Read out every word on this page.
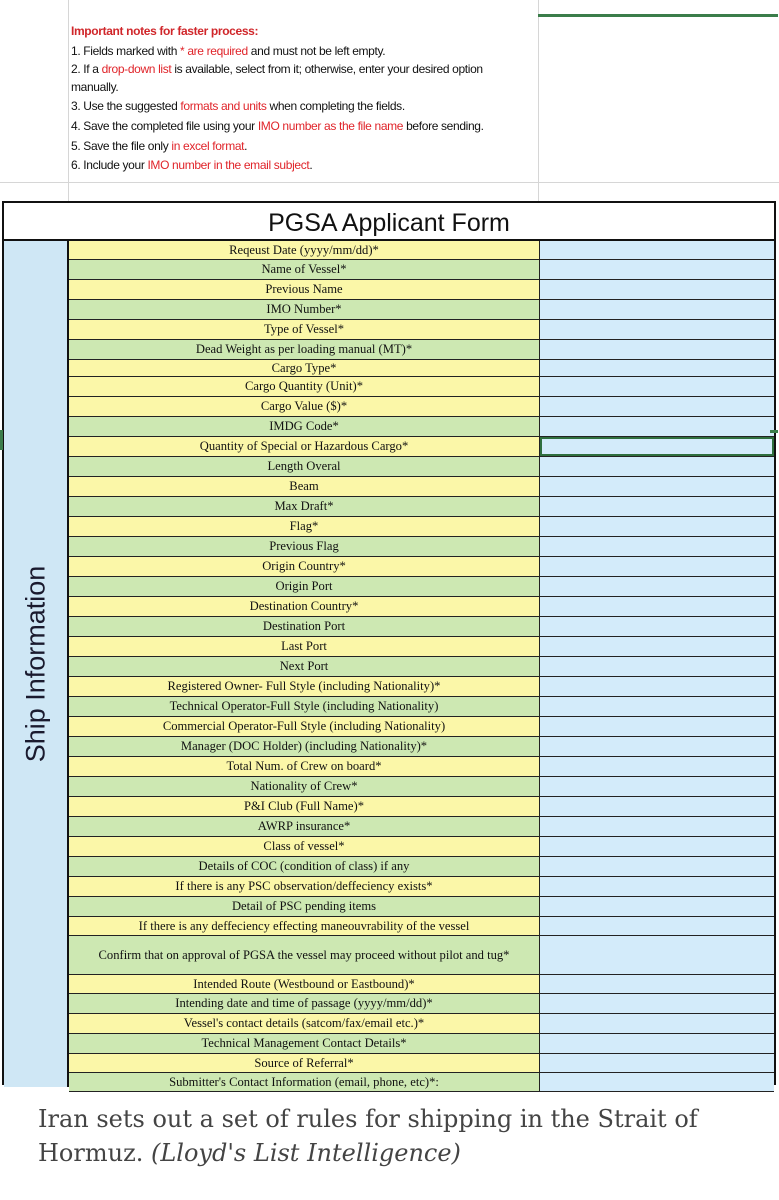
Important notes for faster process:
1. Fields marked with * are required and must not be left empty.
2. If a drop-down list is available, select from it; otherwise, enter your desired option manually.
3. Use the suggested formats and units when completing the fields.
4. Save the completed file using your IMO number as the file name before sending.
5. Save the file only in excel format.
6. Include your IMO number in the email subject.
PGSA Applicant Form
Ship Information
Reqeust Date (yyyy/mm/dd)*
Name of Vessel*
Previous Name
IMO Number*
Type of Vessel*
Dead Weight as per loading manual (MT)*
Cargo Type*
Cargo Quantity (Unit)*
Cargo Value ($)*
IMDG Code*
Quantity of Special or Hazardous Cargo*
Length Overal
Beam
Max Draft*
Flag*
Previous Flag
Origin Country*
Origin Port
Destination Country*
Destination Port
Last Port
Next Port
Registered Owner- Full Style (including Nationality)*
Technical Operator-Full Style (including Nationality)
Commercial Operator-Full Style (including Nationality)
Manager (DOC Holder) (including Nationality)*
Total Num. of Crew on board*
Nationality of Crew*
P&I Club (Full Name)*
AWRP insurance*
Class of vessel*
Details of COC (condition of class) if any
If there is any PSC observation/deffeciency exists*
Detail of PSC pending items
If there is any deffeciency effecting maneouvrability of the vessel
Confirm that on approval of PGSA the vessel may proceed without pilot and tug*
Intended Route (Westbound or Eastbound)*
Intending date and time of passage (yyyy/mm/dd)*
Vessel's contact details (satcom/fax/email etc.)*
Technical Management Contact Details*
Source of Referral*
Submitter's Contact Information (email, phone, etc)*:
Iran sets out a set of rules for shipping in the Strait of Hormuz. (Lloyd's List Intelligence)
